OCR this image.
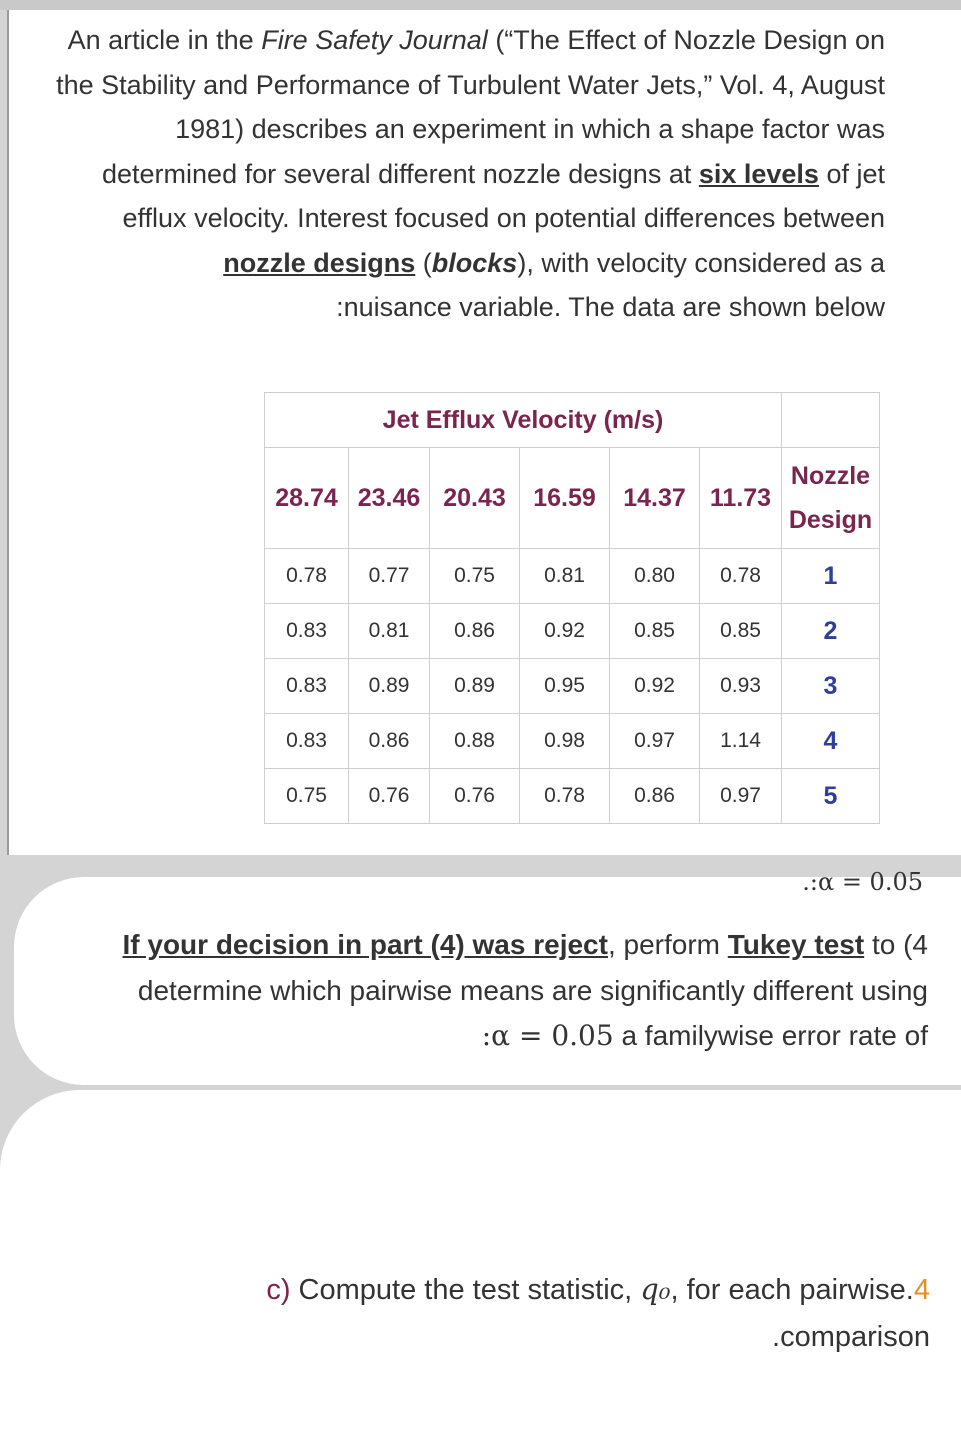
An article in the Fire Safety Journal (“The Effect of Nozzle Design on the Stability and Performance of Turbulent Water Jets,” Vol. 4, August 1981) describes an experiment in which a shape factor was determined for several different nozzle designs at six levels of jet efflux velocity. Interest focused on potential differences between nozzle designs (blocks), with velocity considered as a
:nuisance variable. The data are shown below
Jet Efflux Velocity (m/s)						
28.74	23.46	20.43	16.59	14.37	11.73	Nozzle
Design
0.78	0.77	0.75	0.81	0.80	0.78	1
0.83	0.81	0.86	0.92	0.85	0.85	2
0.83	0.89	0.89	0.95	0.92	0.93	3
0.83	0.86	0.88	0.98	0.97	1.14	4
0.75	0.76	0.76	0.78	0.86	0.97	5
.:α = 0.05
If your decision in part (4) was reject, perform Tukey test to (4 determine which pairwise means are significantly different using
:α = 0.05 a familywise error rate of
c) Compute the test statistic, q₀, for each pairwise.4
.comparison
